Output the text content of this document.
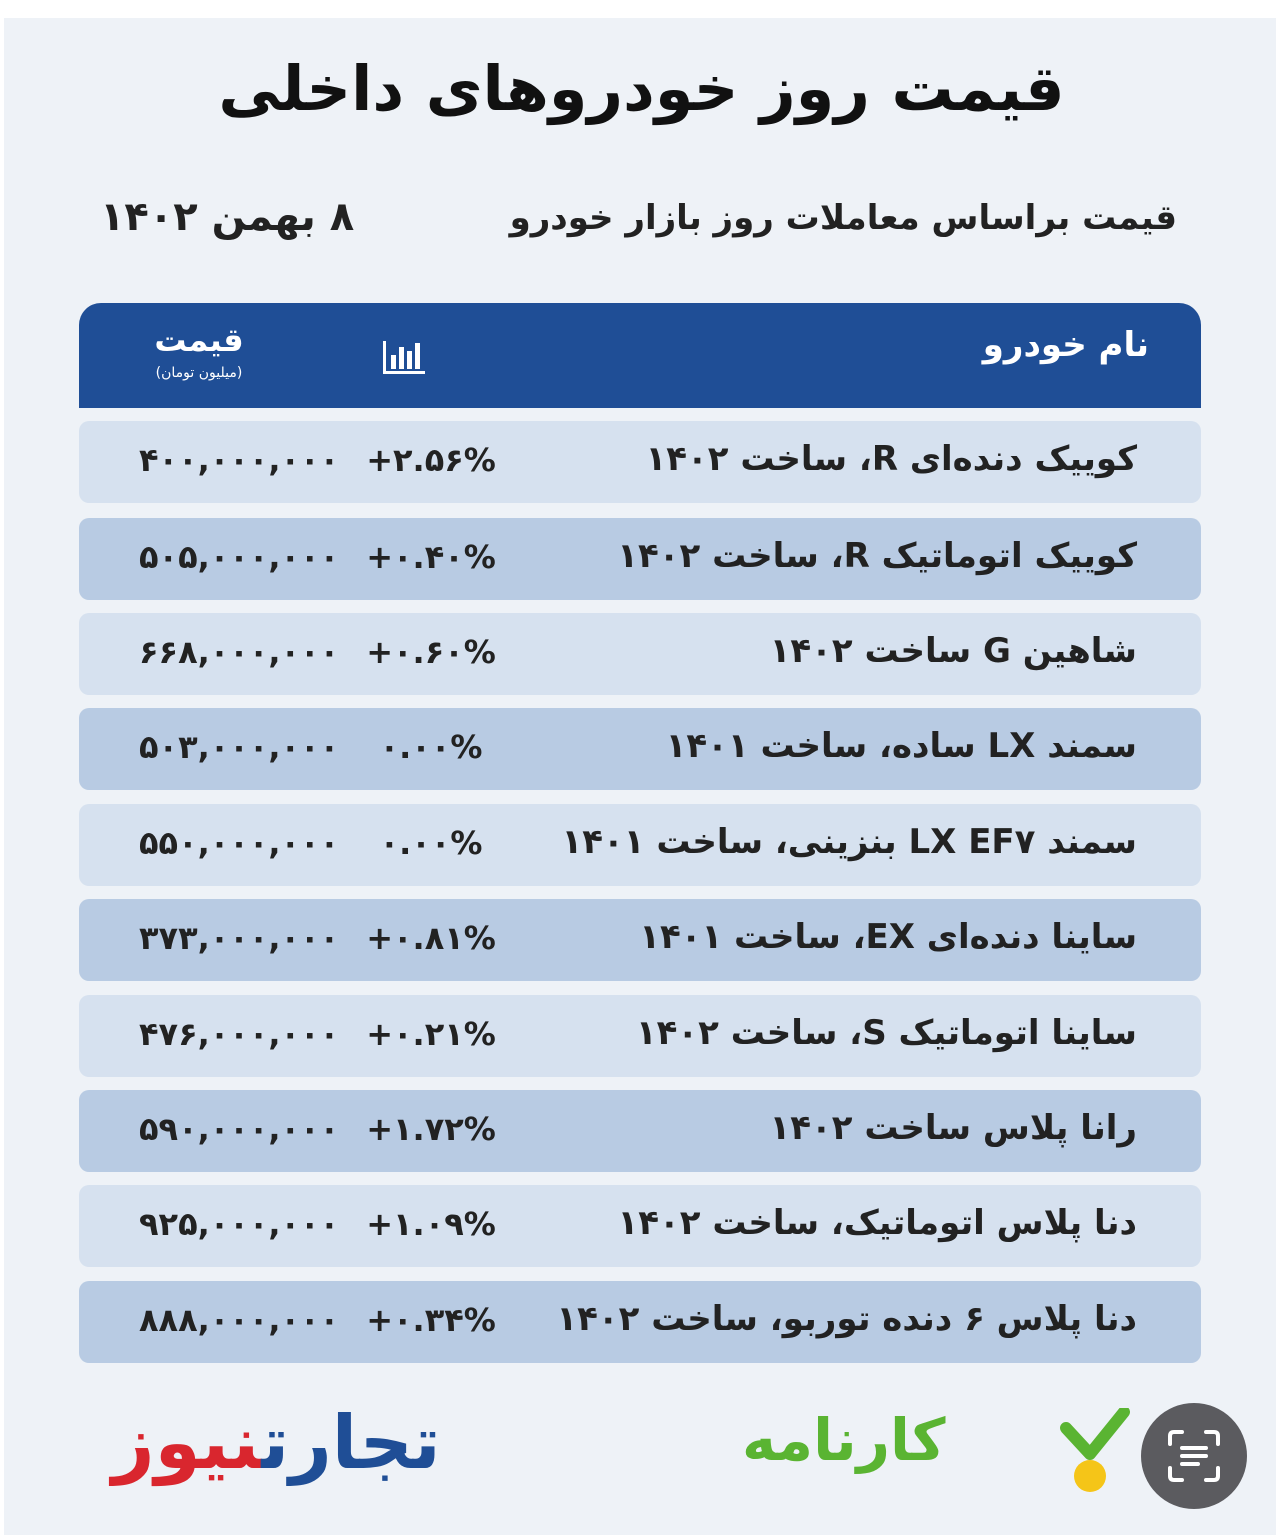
قیمت روز خودروهای داخلی
قیمت براساس معاملات روز بازار خودرو
۸ بهمن ۱۴۰۲
نام خودرو
قیمت
(میلیون تومان)
کوییک دنده‌ای R، ساخت ۱۴۰۲
+۲.۵۶%
۴۰۰,۰۰۰,۰۰۰
کوییک اتوماتیک R، ساخت ۱۴۰۲
+۰.۴۰%
۵۰۵,۰۰۰,۰۰۰
شاهین G ساخت ۱۴۰۲
+۰.۶۰%
۶۶۸,۰۰۰,۰۰۰
سمند LX ساده، ساخت ۱۴۰۱
۰.۰۰%
۵۰۳,۰۰۰,۰۰۰
سمند LX EF۷ بنزینی، ساخت ۱۴۰۱
۰.۰۰%
۵۵۰,۰۰۰,۰۰۰
ساینا دنده‌ای EX، ساخت ۱۴۰۱
+۰.۸۱%
۳۷۳,۰۰۰,۰۰۰
ساینا اتوماتیک S، ساخت ۱۴۰۲
+۰.۲۱%
۴۷۶,۰۰۰,۰۰۰
رانا پلاس ساخت ۱۴۰۲
+۱.۷۲%
۵۹۰,۰۰۰,۰۰۰
دنا پلاس اتوماتیک، ساخت ۱۴۰۲
+۱.۰۹%
۹۲۵,۰۰۰,۰۰۰
دنا پلاس ۶ دنده توربو، ساخت ۱۴۰۲
+۰.۳۴%
۸۸۸,۰۰۰,۰۰۰
تجارتنیوز	کارنامه
